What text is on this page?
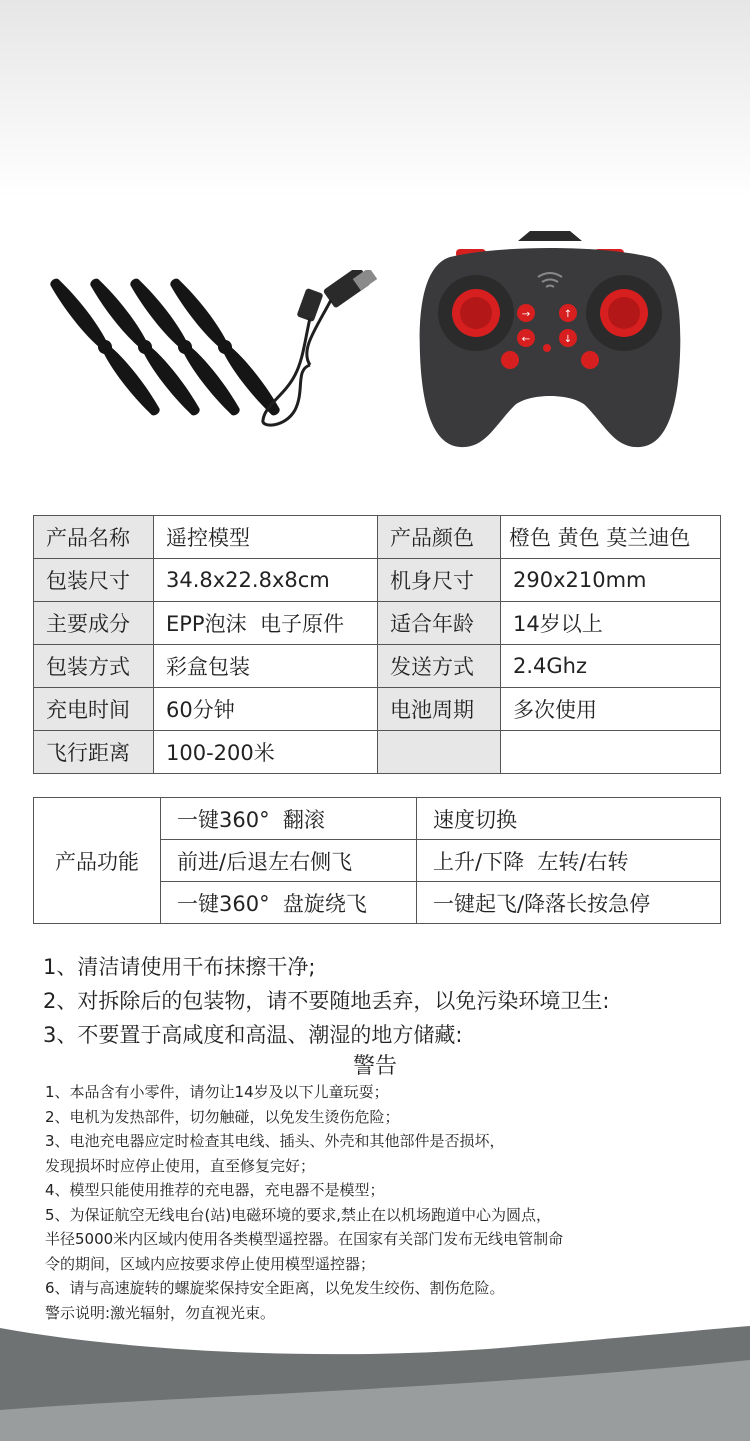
→	↑
←	↓
产品名称	遥控模型	产品颜色	橙色 黄色 莫兰迪色
包装尺寸	34.8x22.8x8cm	机身尺寸	290x210mm
主要成分	EPP泡沫  电子原件	适合年龄	14岁以上
包装方式	彩盒包装	发送方式	2.4Ghz
充电时间	60分钟	电池周期	多次使用
飞行距离	100-200米		
产品功能	一键360°  翻滚	速度切换
	前进/后退左右侧飞	上升/下降  左转/右转
	一键360°  盘旋绕飞	一键起飞/降落长按急停
1、清洁请使用干布抹擦干净;
2、对拆除后的包装物，请不要随地丢弃，以免污染环境卫生:
3、不要置于高咸度和高温、潮湿的地方储藏:
警告
1、本品含有小零件，请勿让14岁及以下儿童玩耍；
2、电机为发热部件，切勿触碰，以免发生烫伤危险；
3、电池充电器应定时检查其电线、插头、外壳和其他部件是否损坏，
发现损坏时应停止使用，直至修复完好；
4、模型只能使用推荐的充电器，充电器不是模型；
5、为保证航空无线电台(站)电磁环境的要求,禁止在以机场跑道中心为圆点，
半径5000米内区域内使用各类模型遥控器。在国家有关部门发布无线电管制命
令的期间，区域内应按要求停止使用模型遥控器；
6、请与高速旋转的螺旋桨保持安全距离，以免发生绞伤、割伤危险。
警示说明:激光辐射，勿直视光束。
